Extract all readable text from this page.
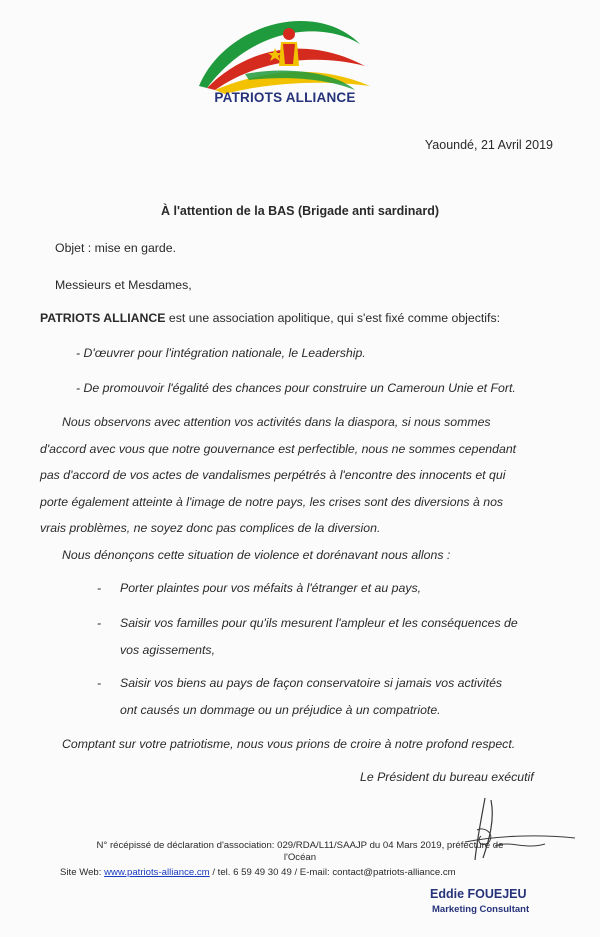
PATRIOTS ALLIANCE
Yaoundé, 21 Avril 2019
À l'attention de la BAS (Brigade anti sardinard)
Objet : mise en garde.
Messieurs et Mesdames,
PATRIOTS ALLIANCE est une association apolitique, qui s'est fixé comme objectifs:
- D'œuvrer pour l'intégration nationale, le Leadership.
- De promouvoir l'égalité des chances pour construire un Cameroun Unie et Fort.
Nous observons avec attention vos activités dans la diaspora, si nous sommes
d'accord avec vous que notre gouvernance est perfectible, nous ne sommes cependant
pas d'accord de vos actes de vandalismes perpétrés à l'encontre des innocents et qui
porte également atteinte à l'image de notre pays, les crises sont des diversions à nos
vrais problèmes, ne soyez donc pas complices de la diversion.
Nous dénonçons cette situation de violence et dorénavant nous allons :
- Porter plaintes pour vos méfaits à l'étranger et au pays,
- Saisir vos familles pour qu'ils mesurent l'ampleur et les conséquences de
vos agissements,
- Saisir vos biens au pays de façon conservatoire si jamais vos activités
ont causés un dommage ou un préjudice à un compatriote.
Comptant sur votre patriotisme, nous vous prions de croire à notre profond respect.
Le Président du bureau exécutif
N° récépissé de déclaration d'association: 029/RDA/L11/SAAJP du 04 Mars 2019, préfecture de
l'Océan
Site Web: www.patriots-alliance.cm / tel. 6 59 49 30 49 / E-mail: contact@patriots-alliance.cm
Eddie FOUEJEU
Marketing Consultant
